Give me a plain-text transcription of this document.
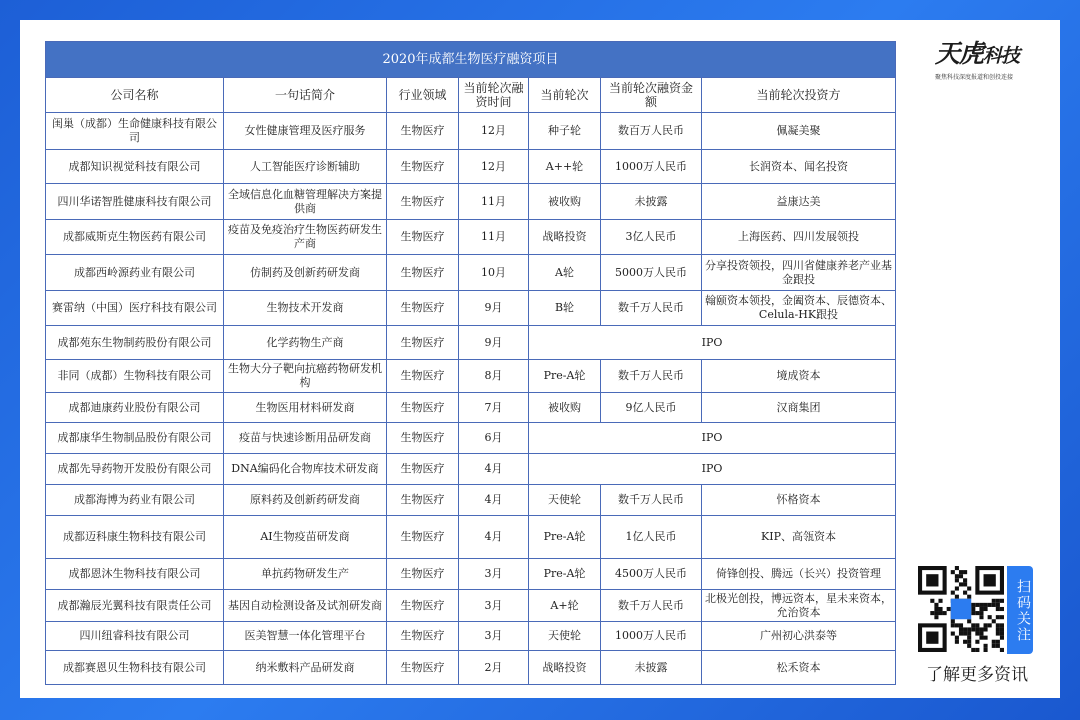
2020年成都生物医疗融资项目						
公司名称	一句话简介	行业领域	当前轮次融资时间	当前轮次	当前轮次融资金额	当前轮次投资方
闺巢（成都）生命健康科技有限公司	女性健康管理及医疗服务	生物医疗	12月	种子轮	数百万人民币	佩凝美聚
成都知识视觉科技有限公司	人工智能医疗诊断辅助	生物医疗	12月	A++轮	1000万人民币	长润资本、闻名投资
四川华诺智胜健康科技有限公司	全域信息化血糖管理解决方案提供商	生物医疗	11月	被收购	未披露	益康达美
成都威斯克生物医药有限公司	疫苗及免疫治疗生物医药研发生产商	生物医疗	11月	战略投资	3亿人民币	上海医药、四川发展领投
成都西岭源药业有限公司	仿制药及创新药研发商	生物医疗	10月	A轮	5000万人民币	分享投资领投，四川省健康养老产业基金跟投
赛雷纳（中国）医疗科技有限公司	生物技术开发商	生物医疗	9月	B轮	数千万人民币	翰颐资本领投，金阖资本、辰德资本、Celula-HK跟投
成都苑东生物制药股份有限公司	化学药物生产商	生物医疗	9月	IPO		
非同（成都）生物科技有限公司	生物大分子靶向抗癌药物研发机构	生物医疗	8月	Pre-A轮	数千万人民币	境成资本
成都迪康药业股份有限公司	生物医用材料研发商	生物医疗	7月	被收购	9亿人民币	汉商集团
成都康华生物制品股份有限公司	疫苗与快速诊断用品研发商	生物医疗	6月	IPO		
成都先导药物开发股份有限公司	DNA编码化合物库技术研发商	生物医疗	4月	IPO		
成都海博为药业有限公司	原料药及创新药研发商	生物医疗	4月	天使轮	数千万人民币	怀格资本
成都迈科康生物科技有限公司	AI生物疫苗研发商	生物医疗	4月	Pre-A轮	1亿人民币	KIP、高瓴资本
成都恩沐生物科技有限公司	单抗药物研发生产	生物医疗	3月	Pre-A轮	4500万人民币	倚锋创投、腾远（长兴）投资管理
成都瀚辰光翼科技有限责任公司	基因自动检测设备及试剂研发商	生物医疗	3月	A+轮	数千万人民币	北极光创投，博远资本，星未来资本，允治资本
四川纽睿科技有限公司	医美智慧一体化管理平台	生物医疗	3月	天使轮	1000万人民币	广州初心洪泰等
成都赛恩贝生物科技有限公司	纳米敷料产品研发商	生物医疗	2月	战略投资	未披露	松禾资本
天虎科技
聚焦科技深度报道和创投连接
扫码关注
了解更多资讯
